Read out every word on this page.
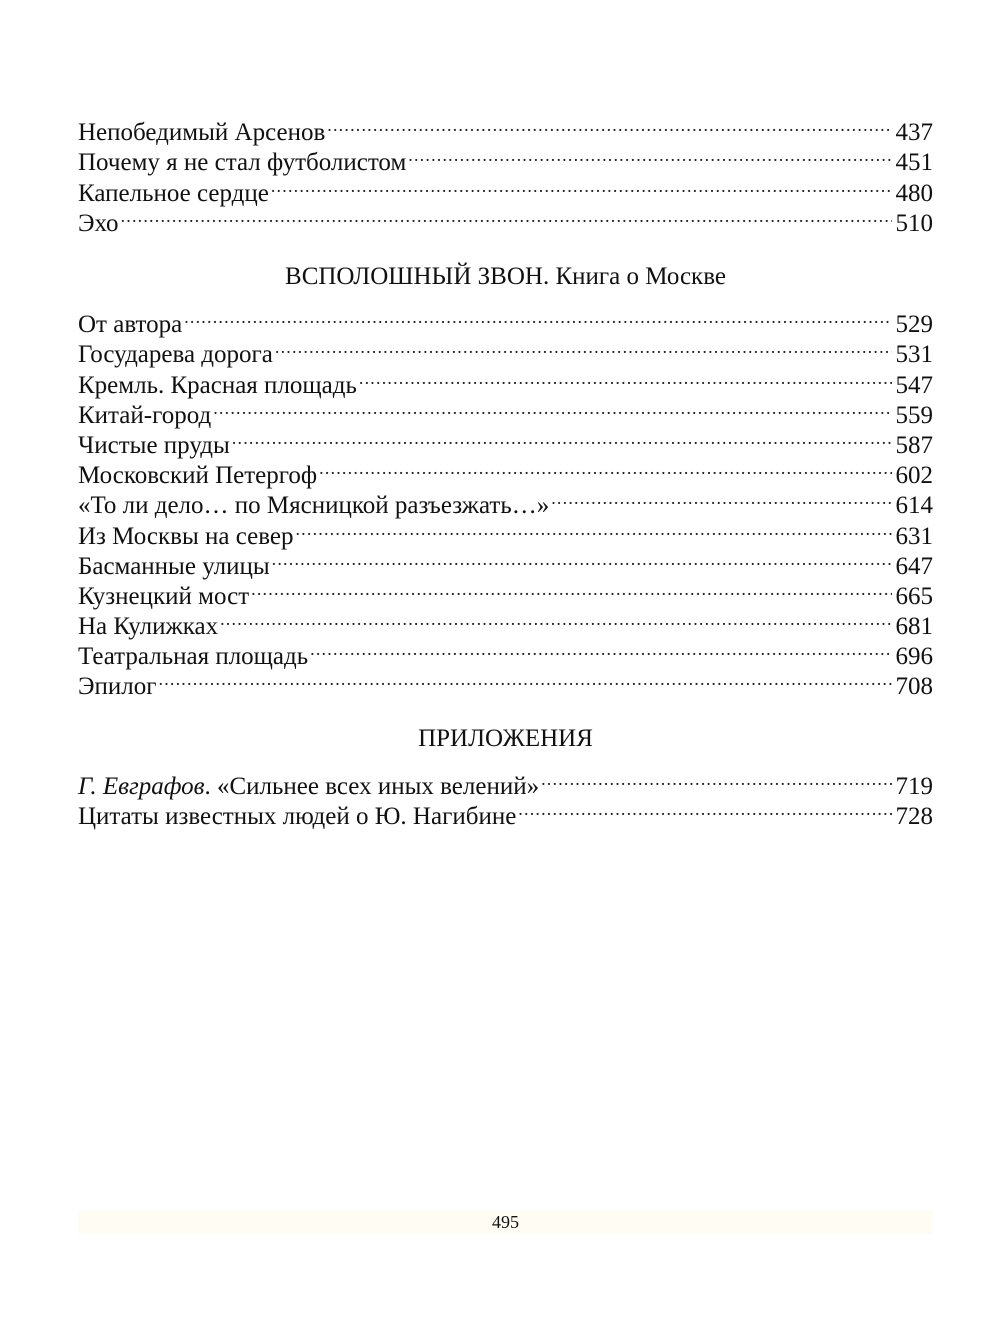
Непобедимый Арсенов .....	437
Почему я не стал футболистом .....	451
Капельное сердце .....	480
Эхо .....	510
ВСПОЛОШНЫЙ ЗВОН. Книга о Москве
От автора .....	529
Государева дорога .....	531
Кремль. Красная площадь .....	547
Китай-город .....	559
Чистые пруды .....	587
Московский Петергоф .....	602
«То ли дело… по Мясницкой разъезжать…» .....	614
Из Москвы на север .....	631
Басманные улицы .....	647
Кузнецкий мост .....	665
На Кулижках .....	681
Театральная площадь .....	696
Эпилог .....	708
ПРИЛОЖЕНИЯ
Г. Евграфов. «Сильнее всех иных велений» .....	719
Цитаты известных людей о Ю. Нагибине .....	728
495
